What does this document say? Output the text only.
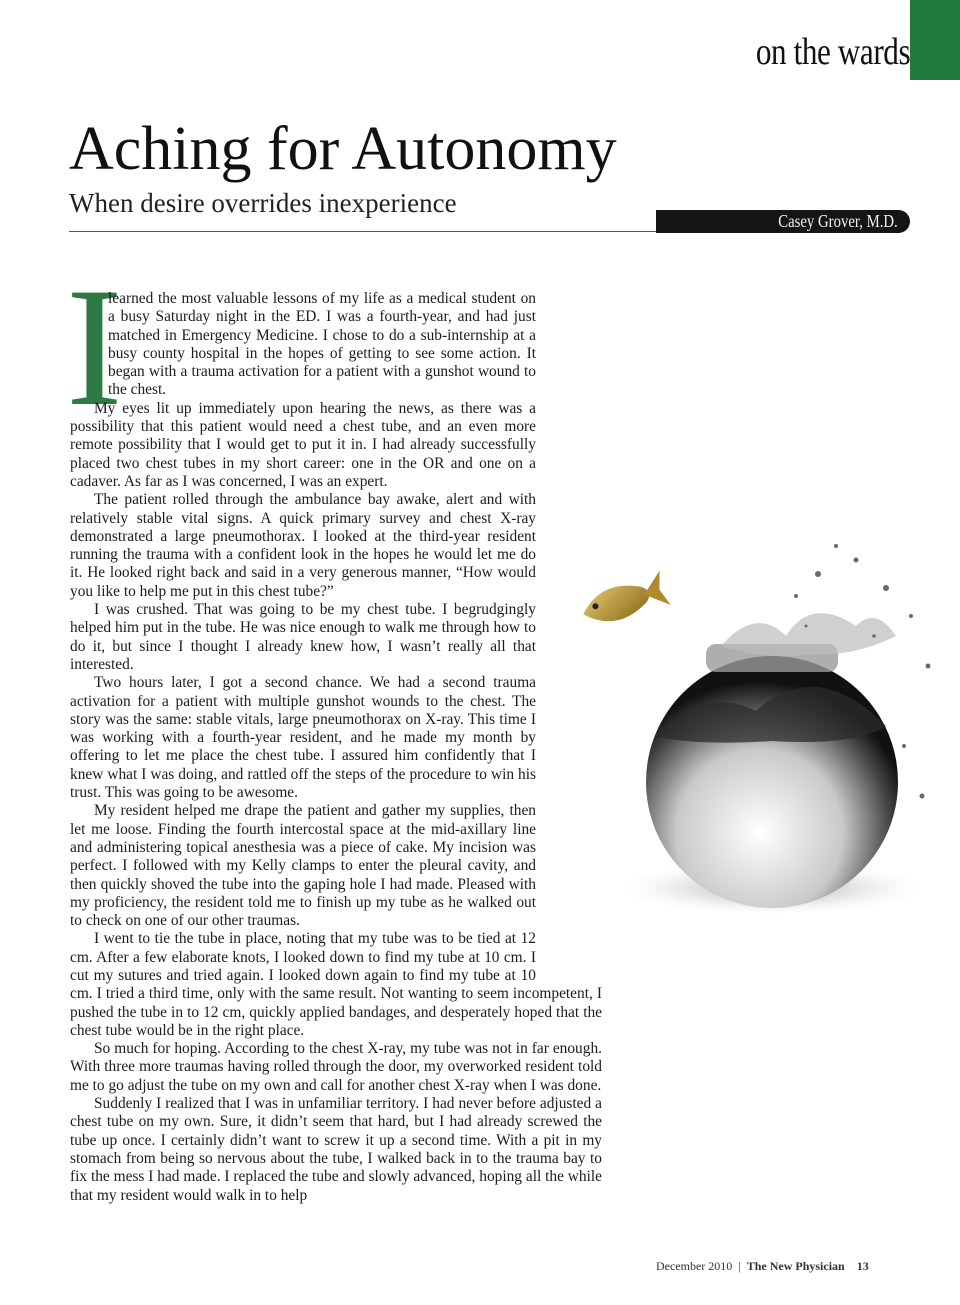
on the wards
Aching for Autonomy
When desire overrides inexperience
Casey Grover, M.D.
I

learned the most valuable lessons of my life as a medical student on a busy Saturday night in the ED. I was a fourth-year, and had just matched in Emergency Medicine. I chose to do a sub-internship at a busy county hospital in the hopes of getting to see some action. It began with a trauma activation for a patient with a gunshot wound to the chest.

My eyes lit up immediately upon hearing the news, as there was a possibility that this patient would need a chest tube, and an even more remote possibility that I would get to put it in. I had already successfully placed two chest tubes in my short career: one in the OR and one on a cadaver. As far as I was concerned, I was an expert.

The patient rolled through the ambulance bay awake, alert and with relatively stable vital signs. A quick primary survey and chest X-ray demonstrated a large pneumothorax. I looked at the third-year resident running the trauma with a confident look in the hopes he would let me do it. He looked right back and said in a very generous manner, “How would you like to help me put in this chest tube?”

I was crushed. That was going to be my chest tube. I begrudgingly helped him put in the tube. He was nice enough to walk me through how to do it, but since I thought I already knew how, I wasn’t really all that interested.

Two hours later, I got a second chance. We had a second trauma activation for a patient with multiple gunshot wounds to the chest. The story was the same: stable vitals, large pneumothorax on X-ray. This time I was working with a fourth-year resident, and he made my month by offering to let me place the chest tube. I assured him confidently that I knew what I was doing, and rattled off the steps of the procedure to win his trust. This was going to be awesome.

My resident helped me drape the patient and gather my supplies, then let me loose. Finding the fourth intercostal space at the mid-axillary line and administering topical anesthesia was a piece of cake. My incision was perfect. I followed with my Kelly clamps to enter the pleural cavity, and then quickly shoved the tube into the gaping hole I had made. Pleased with my proficiency, the resident told me to finish up my tube as he walked out to check on one of our other traumas.

I went to tie the tube in place, noting that my tube was to be tied at 12 cm. After a few elaborate knots, I looked down to find my tube at 10 cm. I cut my sutures and tried again. I looked down again to find my tube at 10 cm. I tried a third time, only with the same result. Not wanting to seem incompetent, I pushed the tube in to 12 cm, quickly applied bandages, and desperately hoped that the chest tube would be in the right place.

So much for hoping. According to the chest X-ray, my tube was not in far enough. With three more traumas having rolled through the door, my overworked resident told me to go adjust the tube on my own and call for another chest X-ray when I was done.

Suddenly I realized that I was in unfamiliar territory. I had never before adjusted a chest tube on my own. Sure, it didn’t seem that hard, but I had already screwed the tube up once. I certainly didn’t want to screw it up a second time. With a pit in my stomach from being so nervous about the tube, I walked back in to the trauma bay to fix the mess I had made. I replaced the tube and slowly advanced, hoping all the while that my resident would walk in to help

December 2010 | The New Physician 13
